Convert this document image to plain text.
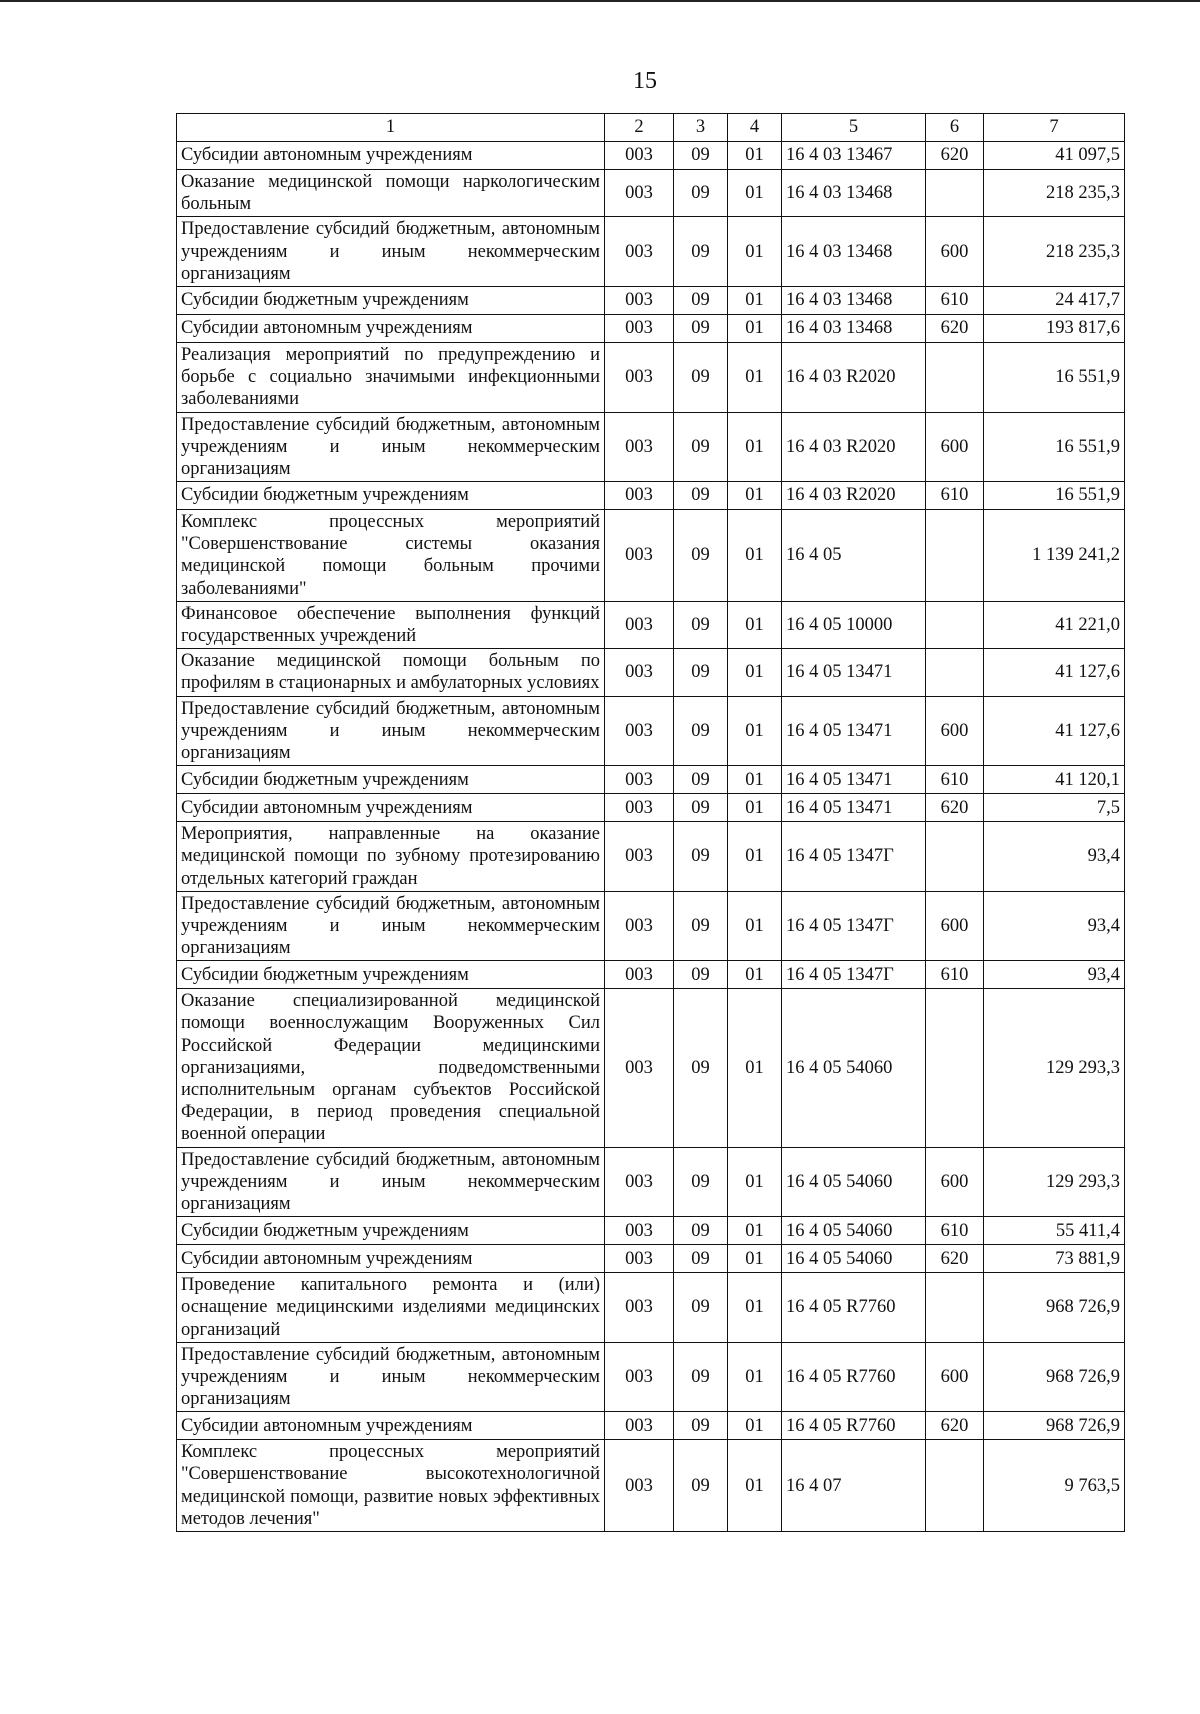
15
1	2	3	4	5	6	7
Субсидии автономным учреждениям	003	09	01	16 4 03 13467	620	41 097,5
Оказание медицинской помощи наркологическим больным	003	09	01	16 4 03 13468		218 235,3
Предоставление субсидий бюджетным, автономным учреждениям и иным некоммерческим организациям	003	09	01	16 4 03 13468	600	218 235,3
Субсидии бюджетным учреждениям	003	09	01	16 4 03 13468	610	24 417,7
Субсидии автономным учреждениям	003	09	01	16 4 03 13468	620	193 817,6
Реализация мероприятий по предупреждению и борьбе с социально значимыми инфекционными заболеваниями	003	09	01	16 4 03 R2020		16 551,9
Предоставление субсидий бюджетным, автономным учреждениям и иным некоммерческим организациям	003	09	01	16 4 03 R2020	600	16 551,9
Субсидии бюджетным учреждениям	003	09	01	16 4 03 R2020	610	16 551,9
Комплекс процессных мероприятий "Совершенствование системы оказания медицинской помощи больным прочими заболеваниями"	003	09	01	16 4 05		1 139 241,2
Финансовое обеспечение выполнения функций государственных учреждений	003	09	01	16 4 05 10000		41 221,0
Оказание медицинской помощи больным по профилям в стационарных и амбулаторных условиях	003	09	01	16 4 05 13471		41 127,6
Предоставление субсидий бюджетным, автономным учреждениям и иным некоммерческим организациям	003	09	01	16 4 05 13471	600	41 127,6
Субсидии бюджетным учреждениям	003	09	01	16 4 05 13471	610	41 120,1
Субсидии автономным учреждениям	003	09	01	16 4 05 13471	620	7,5
Мероприятия, направленные на оказание медицинской помощи по зубному протезированию отдельных категорий граждан	003	09	01	16 4 05 1347Г		93,4
Предоставление субсидий бюджетным, автономным учреждениям и иным некоммерческим организациям	003	09	01	16 4 05 1347Г	600	93,4
Субсидии бюджетным учреждениям	003	09	01	16 4 05 1347Г	610	93,4
Оказание специализированной медицинской помощи военнослужащим Вооруженных Сил Российской Федерации медицинскими организациями, подведомственными исполнительным органам субъектов Российской Федерации, в период проведения специальной военной операции	003	09	01	16 4 05 54060		129 293,3
Предоставление субсидий бюджетным, автономным учреждениям и иным некоммерческим организациям	003	09	01	16 4 05 54060	600	129 293,3
Субсидии бюджетным учреждениям	003	09	01	16 4 05 54060	610	55 411,4
Субсидии автономным учреждениям	003	09	01	16 4 05 54060	620	73 881,9
Проведение капитального ремонта и (или) оснащение медицинскими изделиями медицинских организаций	003	09	01	16 4 05 R7760		968 726,9
Предоставление субсидий бюджетным, автономным учреждениям и иным некоммерческим организациям	003	09	01	16 4 05 R7760	600	968 726,9
Субсидии автономным учреждениям	003	09	01	16 4 05 R7760	620	968 726,9
Комплекс процессных мероприятий "Совершенствование высокотехнологичной медицинской помощи, развитие новых эффективных методов лечения"	003	09	01	16 4 07		9 763,5
